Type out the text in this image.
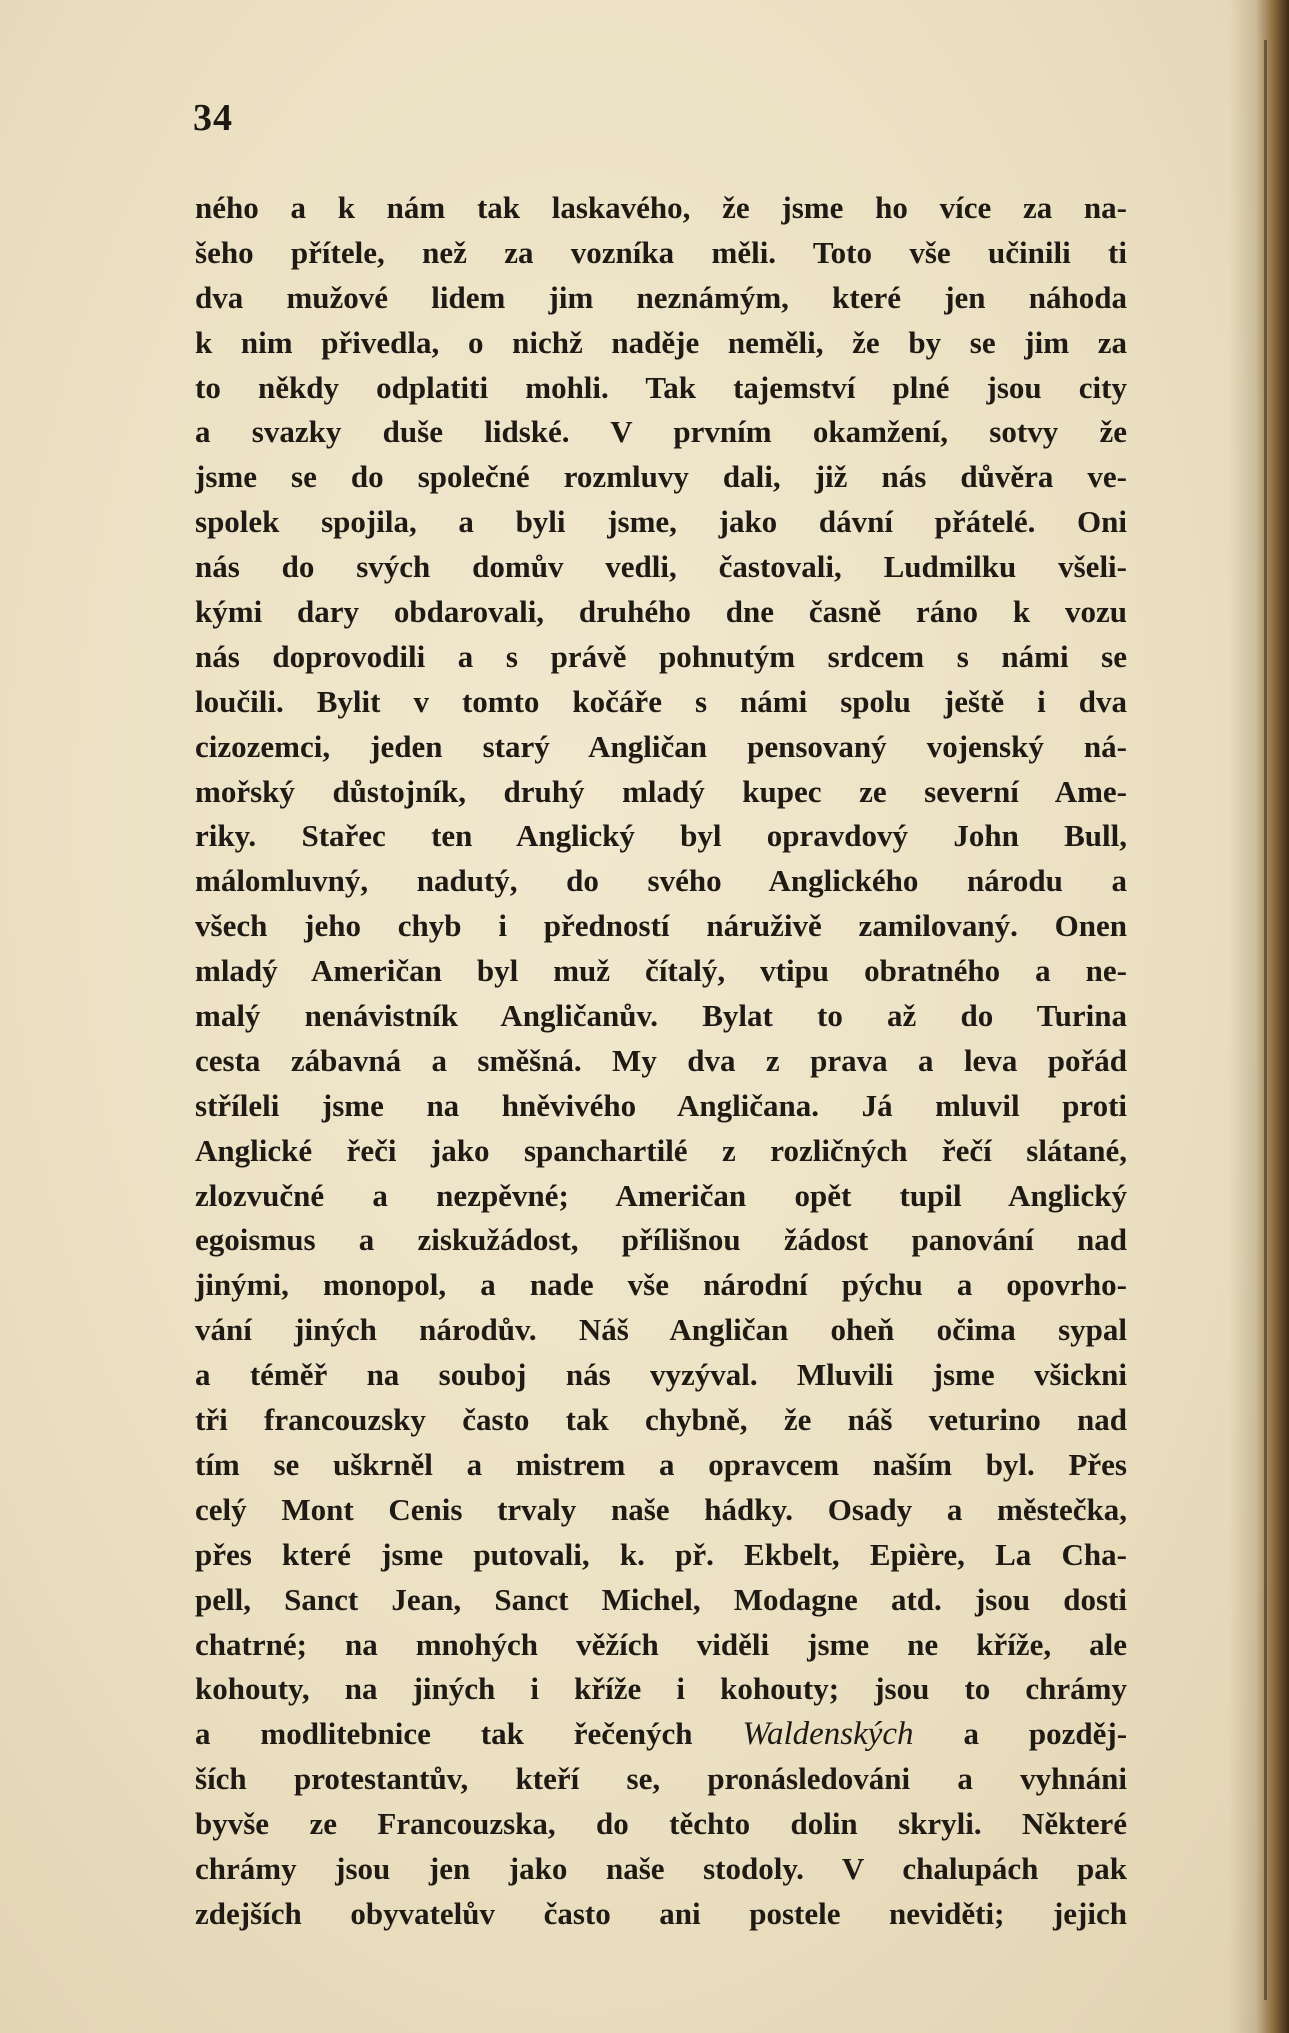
34
ného a k nám tak laskavého, že jsme ho více za na-
šeho přítele, než za vozníka měli. Toto vše učinili ti
dva mužové lidem jim neznámým, které jen náhoda
k nim přivedla, o nichž naděje neměli, že by se jim za
to někdy odplatiti mohli. Tak tajemství plné jsou city
a svazky duše lidské. V prvním okamžení, sotvy že
jsme se do společné rozmluvy dali, již nás důvěra ve-
spolek spojila, a byli jsme, jako dávní přátelé. Oni
nás do svých domův vedli, častovali, Ludmilku všeli-
kými dary obdarovali, druhého dne časně ráno k vozu
nás doprovodili a s právě pohnutým srdcem s námi se
loučili. Bylit v tomto kočáře s námi spolu ještě i dva
cizozemci, jeden starý Angličan pensovaný vojenský ná-
mořský důstojník, druhý mladý kupec ze severní Ame-
riky. Stařec ten Anglický byl opravdový John Bull,
málomluvný, nadutý, do svého Anglického národu a
všech jeho chyb i předností náruživě zamilovaný. Onen
mladý Američan byl muž čítalý, vtipu obratného a ne-
malý nenávistník Angličanův. Bylat to až do Turina
cesta zábavná a směšná. My dva z prava a leva pořád
stříleli jsme na hněvivého Angličana. Já mluvil proti
Anglické řeči jako spanchartilé z rozličných řečí slátané,
zlozvučné a nezpěvné; Američan opět tupil Anglický
egoismus a ziskužádost, přílišnou žádost panování nad
jinými, monopol, a nade vše národní pýchu a opovrho-
vání jiných národův. Náš Angličan oheň očima sypal
a téměř na souboj nás vyzýval. Mluvili jsme všickni
tři francouzsky často tak chybně, že náš veturino nad
tím se uškrněl a mistrem a opravcem naším byl. Přes
celý Mont Cenis trvaly naše hádky. Osady a městečka,
přes které jsme putovali, k. př. Ekbelt, Epière, La Cha-
pell, Sanct Jean, Sanct Michel, Modagne atd. jsou dosti
chatrné; na mnohých věžích viděli jsme ne kříže, ale
kohouty, na jiných i kříže i kohouty; jsou to chrámy
a modlitebnice tak řečených Waldenských a pozděj-
ších protestantův, kteří se, pronásledováni a vyhnáni
byvše ze Francouzska, do těchto dolin skryli. Některé
chrámy jsou jen jako naše stodoly. V chalupách pak
zdejších obyvatelův často ani postele neviděti; jejich
